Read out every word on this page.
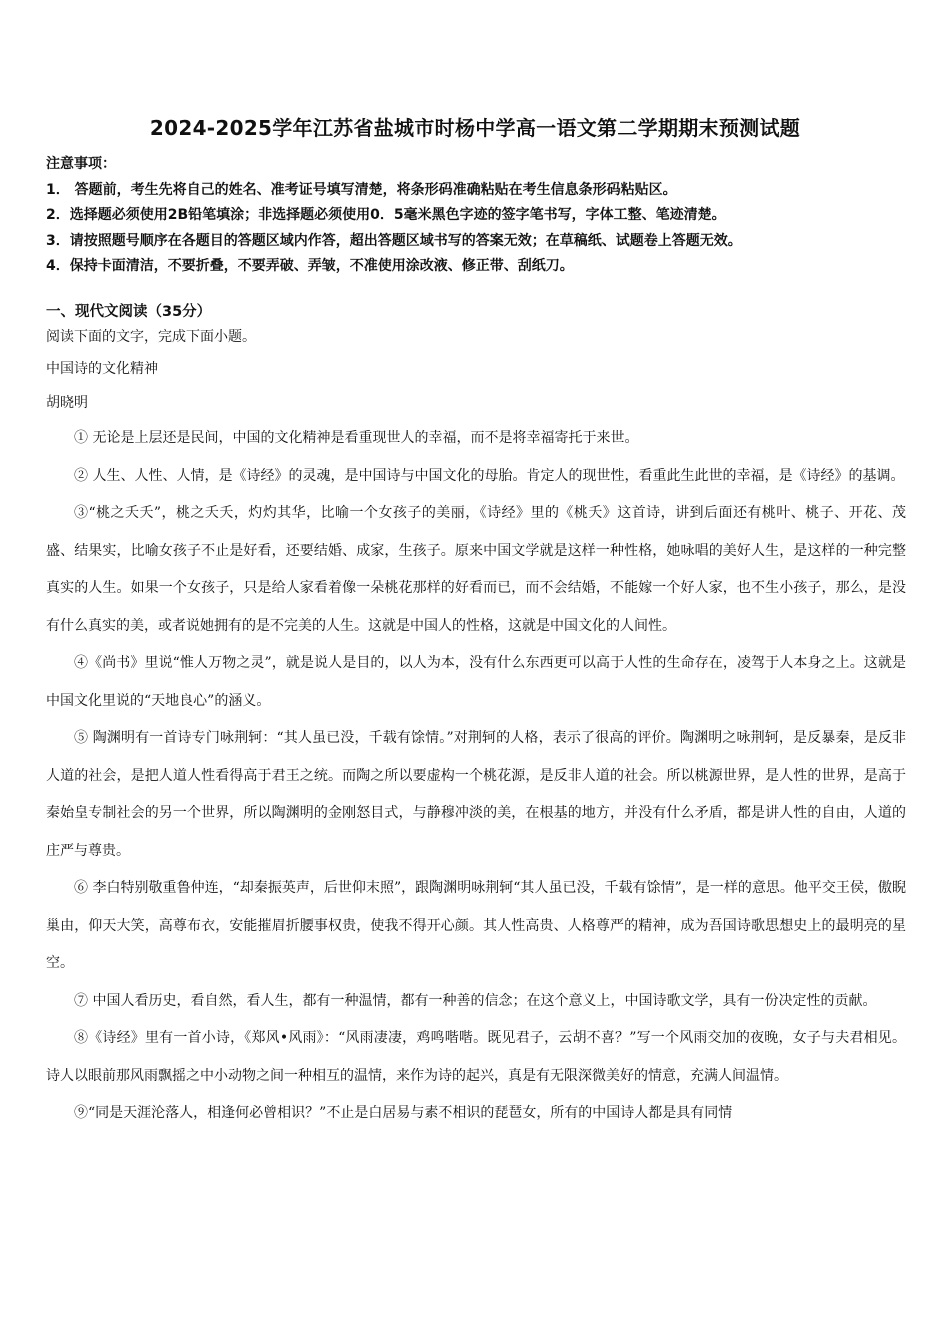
2024-2025学年江苏省盐城市时杨中学高一语文第二学期期末预测试题
注意事项：
1． 答题前，考生先将自己的姓名、准考证号填写清楚，将条形码准确粘贴在考生信息条形码粘贴区。
2．选择题必须使用2B铅笔填涂；非选择题必须使用0．5毫米黑色字迹的签字笔书写，字体工整、笔迹清楚。
3．请按照题号顺序在各题目的答题区域内作答，超出答题区域书写的答案无效；在草稿纸、试题卷上答题无效。
4．保持卡面清洁，不要折叠，不要弄破、弄皱，不准使用涂改液、修正带、刮纸刀。
一、现代文阅读（35分）
阅读下面的文字，完成下面小题。
中国诗的文化精神
胡晓明

① 无论是上层还是民间，中国的文化精神是看重现世人的幸福，而不是将幸福寄托于来世。

② 人生、人性、人情，是《诗经》的灵魂，是中国诗与中国文化的母胎。肯定人的现世性，看重此生此世的幸福，是《诗经》的基调。

③“桃之夭夭”，桃之夭夭，灼灼其华，比喻一个女孩子的美丽，《诗经》里的《桃夭》这首诗，讲到后面还有桃叶、桃子、开花、茂盛、结果实，比喻女孩子不止是好看，还要结婚、成家，生孩子。原来中国文学就是这样一种性格，她咏唱的美好人生，是这样的一种完整真实的人生。如果一个女孩子，只是给人家看着像一朵桃花那样的好看而已，而不会结婚，不能嫁一个好人家，也不生小孩子，那么，是没有什么真实的美，或者说她拥有的是不完美的人生。这就是中国人的性格，这就是中国文化的人间性。

④《尚书》里说“惟人万物之灵”，就是说人是目的，以人为本，没有什么东西更可以高于人性的生命存在，凌驾于人本身之上。这就是中国文化里说的“天地良心”的涵义。

⑤ 陶渊明有一首诗专门咏荆轲：“其人虽已没，千载有馀情。”对荆轲的人格，表示了很高的评价。陶渊明之咏荆轲，是反暴秦，是反非人道的社会，是把人道人性看得高于君王之统。而陶之所以要虚构一个桃花源，是反非人道的社会。所以桃源世界，是人性的世界，是高于秦始皇专制社会的另一个世界，所以陶渊明的金刚怒目式，与静穆冲淡的美，在根基的地方，并没有什么矛盾，都是讲人性的自由，人道的庄严与尊贵。

⑥ 李白特别敬重鲁仲连，“却秦振英声，后世仰末照”，跟陶渊明咏荆轲“其人虽已没，千载有馀情”，是一样的意思。他平交王侯，傲睨巢由，仰天大笑，高尊布衣，安能摧眉折腰事权贵，使我不得开心颜。其人性高贵、人格尊严的精神，成为吾国诗歌思想史上的最明亮的星空。

⑦ 中国人看历史，看自然，看人生，都有一种温情，都有一种善的信念；在这个意义上，中国诗歌文学，具有一份决定性的贡献。

⑧《诗经》里有一首小诗，《郑风•风雨》：“风雨凄凄，鸡鸣喈喈。既见君子，云胡不喜？”写一个风雨交加的夜晚，女子与夫君相见。诗人以眼前那风雨飘摇之中小动物之间一种相互的温情，来作为诗的起兴，真是有无限深微美好的情意，充满人间温情。

⑨“同是天涯沦落人，相逢何必曾相识？”不止是白居易与素不相识的琵琶女，所有的中国诗人都是具有同情
